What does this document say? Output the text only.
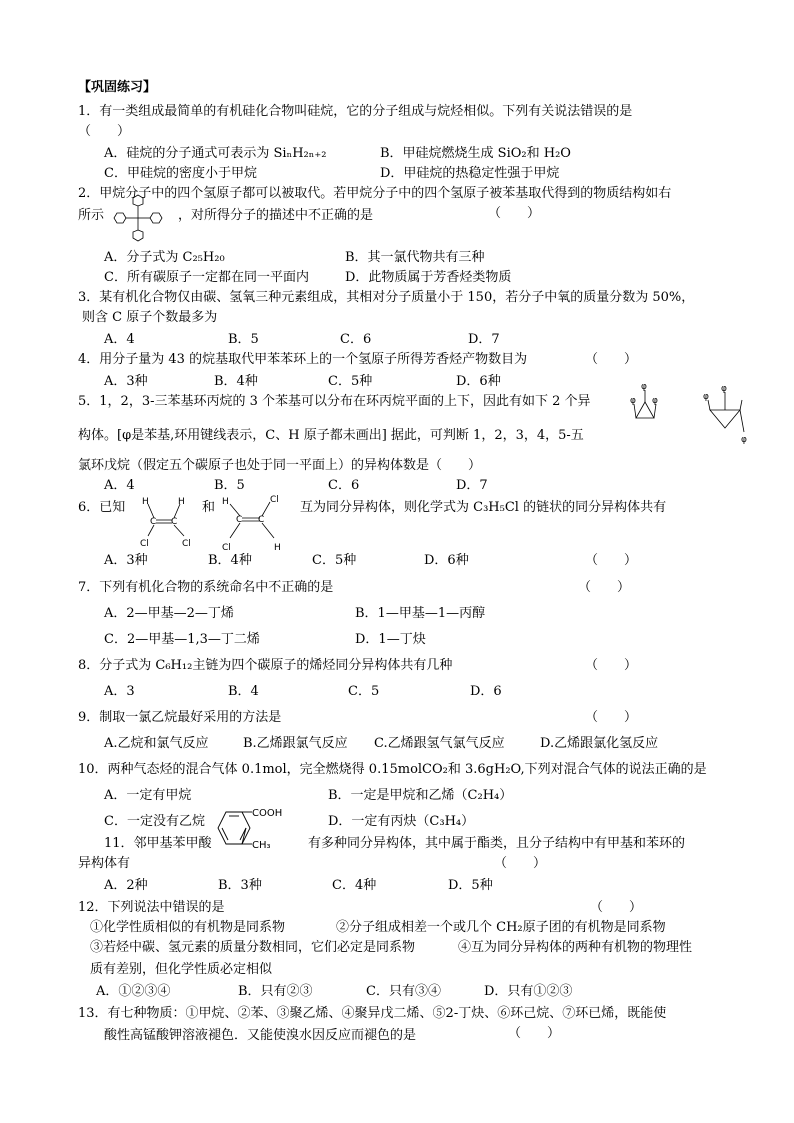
【巩固练习】
1．有一类组成最简单的有机硅化合物叫硅烷，它的分子组成与烷烃相似。下列有关说法错误的是
（　　）
A．硅烷的分子通式可表示为 SiₙH₂ₙ₊₂	B．甲硅烷燃烧生成 SiO₂和 H₂O
C．甲硅烷的密度小于甲烷	D．甲硅烷的热稳定性强于甲烷
2．甲烷分子中的四个氢原子都可以被取代。若甲烷分子中的四个氢原子被苯基取代得到的物质结构如右
所示	，对所得分子的描述中不正确的是	（　　）
A．分子式为 C₂₅H₂₀	B．其一氯代物共有三种
C．所有碳原子一定都在同一平面内	D．此物质属于芳香烃类物质
3．某有机化合物仅由碳、氢氧三种元素组成，其相对分子质量小于 150，若分子中氧的质量分数为 50%，
则含 C 原子个数最多为
A．4	B．5	C．6	D．7
4．用分子量为 43 的烷基取代甲苯苯环上的一个氢原子所得芳香烃产物数目为	（　　）
A．3种	B．4种	C．5种	D．6种
5．1，2，3-三苯基环丙烷的 3 个苯基可以分布在环丙烷平面的上下，因此有如下 2 个异
构体。[φ是苯基,环用键线表示，C、H 原子都未画出] 据此，可判断 1，2，3，4，5-五
氯环戊烷（假定五个碳原子也处于同一平面上）的异构体数是（　　）
φ φ
φ
φ
φ
φ
A．4	B．5	C．6	D．7
6．已知 H	H
C C
Cl	Cl
和 H	Cl
C C
Cl	H
互为同分异构体，则化学式为 C₃H₅Cl 的链状的同分异构体共有
A．3种	B．4种	C．5种	D．6种	（　　）
7．下列有机化合物的系统命名中不正确的是	（　　）
A．2—甲基—2—丁烯	B．1—甲基—1—丙醇
C．2—甲基—1,3—丁二烯	D．1—丁炔
8．分子式为 C₆H₁₂主链为四个碳原子的烯烃同分异构体共有几种	（　　）
A．3	B．4	C．5	D．6
9．制取一氯乙烷最好采用的方法是	（　　）
A.乙烷和氯气反应	B.乙烯跟氯气反应 C.乙烯跟氢气氯气反应	D.乙烯跟氯化氢反应
10．两种气态烃的混合气体 0.1mol，完全燃烧得 0.15molCO₂和 3.6gH₂O,下列对混合气体的说法正确的是
A．一定有甲烷	B．一定是甲烷和乙烯（C₂H₄）
C．一定没有乙烷	D．一定有丙炔（C₃H₄）
COOH
CH₃
11．邻甲基苯甲酸	有多种同分异构体，其中属于酯类，且分子结构中有甲基和苯环的
异构体有	（　　）
A．2种	B．3种	C．4种	D．5种
12．下列说法中错误的是	（　　）
①化学性质相似的有机物是同系物	②分子组成相差一个或几个 CH₂原子团的有机物是同系物
③若烃中碳、氢元素的质量分数相同，它们必定是同系物	④互为同分异构体的两种有机物的物理性
质有差别，但化学性质必定相似
A．①②③④	B．只有②③	C．只有③④	D．只有①②③
13．有七种物质：①甲烷、②苯、③聚乙烯、④聚异戊二烯、⑤2-丁炔、⑥环己烷、⑦环已烯，既能使
酸性高锰酸钾溶液褪色．又能使溴水因反应而褪色的是	（　　）
